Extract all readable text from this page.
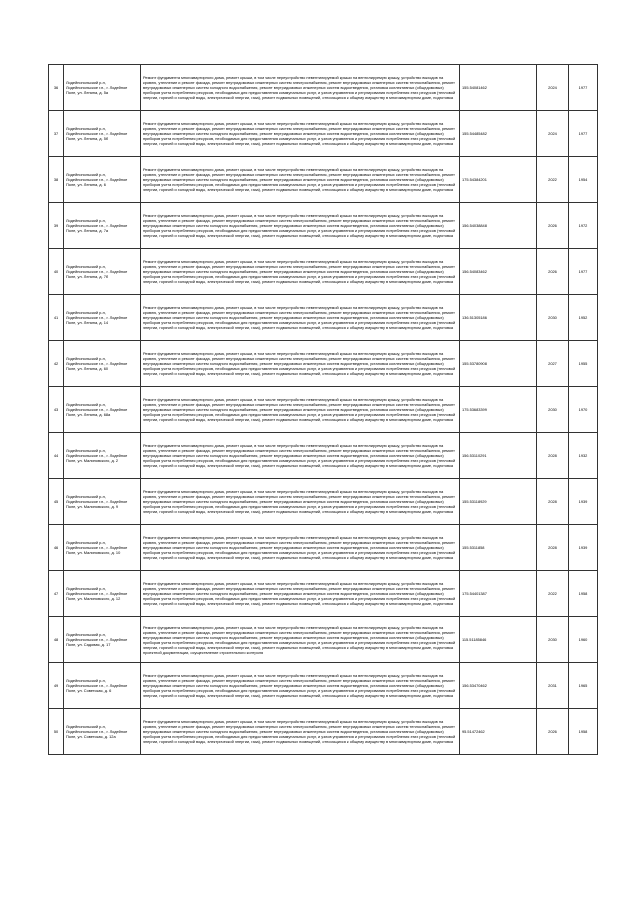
36	Лодейнопольский р-н, Лодейнопольское г.п., г. Лодейное Поле, ул. Ленина, д. 5а	Ремонт фундамента многоквартирного дома, ремонт крыши, в том числе переустройство невентилируемой крыши на вентилируемую крышу, устройство выходов на кровлю, утепление и ремонт фасада, ремонт внутридомовых инженерных систем электроснабжения, ремонт внутридомовых инженерных систем теплоснабжения, ремонт внутридомовых инженерных систем холодного водоснабжения, ремонт внутридомовых инженерных систем водоотведения, установка коллективных (общедомовых) приборов учета потребления ресурсов, необходимых для предоставления коммунальных услуг, и узлов управления и регулирования потребления этих ресурсов (тепловой энергии, горячей и холодной воды, электрической энергии, газа), ремонт подвальных помещений, относящихся к общему имуществу в многоквартирном доме, подготовка	155.54081462	2024	1977
37	Лодейнопольский р-н, Лодейнопольское г.п., г. Лодейное Поле, ул. Ленина, д. 5б	Ремонт фундамента многоквартирного дома, ремонт крыши, в том числе переустройство невентилируемой крыши на вентилируемую крышу, устройство выходов на кровлю, утепление и ремонт фасада, ремонт внутридомовых инженерных систем электроснабжения, ремонт внутридомовых инженерных систем теплоснабжения, ремонт внутридомовых инженерных систем холодного водоснабжения, ремонт внутридомовых инженерных систем водоотведения, установка коллективных (общедомовых) приборов учета потребления ресурсов, необходимых для предоставления коммунальных услуг, и узлов управления и регулирования потребления этих ресурсов (тепловой энергии, горячей и холодной воды, электрической энергии, газа), ремонт подвальных помещений, относящихся к общему имуществу в многоквартирном доме, подготовка	155.54485482	2024	1977
38	Лодейнопольский р-н, Лодейнопольское г.п., г. Лодейное Поле, ул. Ленина, д. 6	Ремонт фундамента многоквартирного дома, ремонт крыши, в том числе переустройство невентилируемой крыши на вентилируемую крышу, устройство выходов на кровлю, утепление и ремонт фасада, ремонт внутридомовых инженерных систем электроснабжения, ремонт внутридомовых инженерных систем теплоснабжения, ремонт внутридомовых инженерных систем холодного водоснабжения, ремонт внутридомовых инженерных систем водоотведения, установка коллективных (общедомовых) приборов учета потребления ресурсов, необходимых для предоставления коммунальных услуг, и узлов управления и регулирования потребления этих ресурсов (тепловой энергии, горячей и холодной воды, электрической энергии, газа), ремонт подвальных помещений, относящихся к общему имуществу в многоквартирном доме, подготовка	175.54384201	2022	1954
39	Лодейнопольский р-н, Лодейнопольское г.п., г. Лодейное Поле, ул. Ленина, д. 7а	Ремонт фундамента многоквартирного дома, ремонт крыши, в том числе переустройство невентилируемой крыши на вентилируемую крышу, устройство выходов на кровлю, утепление и ремонт фасада, ремонт внутридомовых инженерных систем электроснабжения, ремонт внутридомовых инженерных систем теплоснабжения, ремонт внутридомовых инженерных систем холодного водоснабжения, ремонт внутридомовых инженерных систем водоотведения, установка коллективных (общедомовых) приборов учета потребления ресурсов, необходимых для предоставления коммунальных услуг, и узлов управления и регулирования потребления этих ресурсов (тепловой энергии, горячей и холодной воды, электрической энергии, газа), ремонт подвальных помещений, относящихся к общему имуществу в многоквартирном доме, подготовка	156.54038848	2026	1972
40	Лодейнопольский р-н, Лодейнопольское г.п., г. Лодейное Поле, ул. Ленина, д. 7б	Ремонт фундамента многоквартирного дома, ремонт крыши, в том числе переустройство невентилируемой крыши на вентилируемую крышу, устройство выходов на кровлю, утепление и ремонт фасада, ремонт внутридомовых инженерных систем электроснабжения, ремонт внутридомовых инженерных систем теплоснабжения, ремонт внутридомовых инженерных систем холодного водоснабжения, ремонт внутридомовых инженерных систем водоотведения, установка коллективных (общедомовых) приборов учета потребления ресурсов, необходимых для предоставления коммунальных услуг, и узлов управления и регулирования потребления этих ресурсов (тепловой энергии, горячей и холодной воды, электрической энергии, газа), ремонт подвальных помещений, относящихся к общему имуществу в многоквартирном доме, подготовка	156.54083462	2026	1977
41	Лодейнопольский р-н, Лодейнопольское г.п., г. Лодейное Поле, ул. Ленина, д. 14	Ремонт фундамента многоквартирного дома, ремонт крыши, в том числе переустройство невентилируемой крыши на вентилируемую крышу, устройство выходов на кровлю, утепление и ремонт фасада, ремонт внутридомовых инженерных систем электроснабжения, ремонт внутридомовых инженерных систем теплоснабжения, ремонт внутридомовых инженерных систем холодного водоснабжения, ремонт внутридомовых инженерных систем водоотведения, установка коллективных (общедомовых) приборов учета потребления ресурсов, необходимых для предоставления коммунальных услуг, и узлов управления и регулирования потребления этих ресурсов (тепловой энергии, горячей и холодной воды, электрической энергии, газа), ремонт подвальных помещений, относящихся к общему имуществу в многоквартирном доме, подготовка	136.51305186	2030	1952
42	Лодейнопольский р-н, Лодейнопольское г.п., г. Лодейное Поле, ул. Ленина, д. 60	Ремонт фундамента многоквартирного дома, ремонт крыши, в том числе переустройство невентилируемой крыши на вентилируемую крышу, устройство выходов на кровлю, утепление и ремонт фасада, ремонт внутридомовых инженерных систем электроснабжения, ремонт внутридомовых инженерных систем теплоснабжения, ремонт внутридомовых инженерных систем холодного водоснабжения, ремонт внутридомовых инженерных систем водоотведения, установка коллективных (общедомовых) приборов учета потребления ресурсов, необходимых для предоставления коммунальных услуг, и узлов управления и регулирования потребления этих ресурсов (тепловой энергии, горячей и холодной воды, электрической энергии, газа), ремонт подвальных помещений, относящихся к общему имуществу в многоквартирном доме, подготовка	155.53780908	2027	1955
43	Лодейнопольский р-н, Лодейнопольское г.п., г. Лодейное Поле, ул. Ленина, д. 68а	Ремонт фундамента многоквартирного дома, ремонт крыши, в том числе переустройство невентилируемой крыши на вентилируемую крышу, устройство выходов на кровлю, утепление и ремонт фасада, ремонт внутридомовых инженерных систем электроснабжения, ремонт внутридомовых инженерных систем теплоснабжения, ремонт внутридомовых инженерных систем холодного водоснабжения, ремонт внутридомовых инженерных систем водоотведения, установка коллективных (общедомовых) приборов учета потребления ресурсов, необходимых для предоставления коммунальных услуг, и узлов управления и регулирования потребления этих ресурсов (тепловой энергии, горячей и холодной воды, электрической энергии, газа), ремонт подвальных помещений, относящихся к общему имуществу в многоквартирном доме, подготовка	175.53683399	2030	1970
44	Лодейнопольский р-н, Лодейнопольское г.п., г. Лодейное Поле, ул. Малиновского, д. 2	Ремонт фундамента многоквартирного дома, ремонт крыши, в том числе переустройство невентилируемой крыши на вентилируемую крышу, устройство выходов на кровлю, утепление и ремонт фасада, ремонт внутридомовых инженерных систем электроснабжения, ремонт внутридомовых инженерных систем теплоснабжения, ремонт внутридомовых инженерных систем холодного водоснабжения, ремонт внутридомовых инженерных систем водоотведения, установка коллективных (общедомовых) приборов учета потребления ресурсов, необходимых для предоставления коммунальных услуг, и узлов управления и регулирования потребления этих ресурсов (тепловой энергии, горячей и холодной воды, электрической энергии, газа), ремонт подвальных помещений, относящихся к общему имуществу в многоквартирном доме, подготовка	156.53110291	2028	1932
45	Лодейнопольский р-н, Лодейнопольское г.п., г. Лодейное Поле, ул. Малиновского, д. 9	Ремонт фундамента многоквартирного дома, ремонт крыши, в том числе переустройство невентилируемой крыши на вентилируемую крышу, устройство выходов на кровлю, утепление и ремонт фасада, ремонт внутридомовых инженерных систем электроснабжения, ремонт внутридомовых инженерных систем теплоснабжения, ремонт внутридомовых инженерных систем холодного водоснабжения, ремонт внутридомовых инженерных систем водоотведения, установка коллективных (общедомовых) приборов учета потребления ресурсов, необходимых для предоставления коммунальных услуг, и узлов управления и регулирования потребления этих ресурсов (тепловой энергии, горячей и холодной воды, электрической энергии, газа), ремонт подвальных помещений, относящихся к общему имуществу в многоквартирном доме, подготовка	155.53118929	2028	1939
46	Лодейнопольский р-н, Лодейнопольское г.п., г. Лодейное Поле, ул. Малиновского, д. 10	Ремонт фундамента многоквартирного дома, ремонт крыши, в том числе переустройство невентилируемой крыши на вентилируемую крышу, устройство выходов на кровлю, утепление и ремонт фасада, ремонт внутридомовых инженерных систем электроснабжения, ремонт внутридомовых инженерных систем теплоснабжения, ремонт внутридомовых инженерных систем холодного водоснабжения, ремонт внутридомовых инженерных систем водоотведения, установка коллективных (общедомовых) приборов учета потребления ресурсов, необходимых для предоставления коммунальных услуг, и узлов управления и регулирования потребления этих ресурсов (тепловой энергии, горячей и холодной воды, электрической энергии, газа), ремонт подвальных помещений, относящихся к общему имуществу в многоквартирном доме, подготовка	155.5311858	2028	1939
47	Лодейнопольский р-н, Лодейнопольское г.п., г. Лодейное Поле, ул. Малиновского, д. 12	Ремонт фундамента многоквартирного дома, ремонт крыши, в том числе переустройство невентилируемой крыши на вентилируемую крышу, устройство выходов на кровлю, утепление и ремонт фасада, ремонт внутридомовых инженерных систем электроснабжения, ремонт внутридомовых инженерных систем теплоснабжения, ремонт внутридомовых инженерных систем холодного водоснабжения, ремонт внутридомовых инженерных систем водоотведения, установка коллективных (общедомовых) приборов учета потребления ресурсов, необходимых для предоставления коммунальных услуг, и узлов управления и регулирования потребления этих ресурсов (тепловой энергии, горячей и холодной воды, электрической энергии, газа), ремонт подвальных помещений, относящихся к общему имуществу в многоквартирном доме, подготовка	175.54401387	2022	1958
48	Лодейнопольский р-н, Лодейнопольское г.п., г. Лодейное Поле, ул. Садовая, д. 17	Ремонт фундамента многоквартирного дома, ремонт крыши, в том числе переустройство невентилируемой крыши на вентилируемую крышу, устройство выходов на кровлю, утепление и ремонт фасада, ремонт внутридомовых инженерных систем электроснабжения, ремонт внутридомовых инженерных систем теплоснабжения, ремонт внутридомовых инженерных систем холодного водоснабжения, ремонт внутридомовых инженерных систем водоотведения, установка коллективных (общедомовых) приборов учета потребления ресурсов, необходимых для предоставления коммунальных услуг, и узлов управления и регулирования потребления этих ресурсов (тепловой энергии, горячей и холодной воды, электрической энергии, газа), ремонт подвальных помещений, относящихся к общему имуществу в многоквартирном доме, подготовка проектной документации, осуществление строительного контроля	115.51185846	2030	1960
49	Лодейнопольский р-н, Лодейнопольское г.п., г. Лодейное Поле, ул. Советская, д. 6	Ремонт фундамента многоквартирного дома, ремонт крыши, в том числе переустройство невентилируемой крыши на вентилируемую крышу, устройство выходов на кровлю, утепление и ремонт фасада, ремонт внутридомовых инженерных систем электроснабжения, ремонт внутридомовых инженерных систем теплоснабжения, ремонт внутридомовых инженерных систем холодного водоснабжения, ремонт внутридомовых инженерных систем водоотведения, установка коллективных (общедомовых) приборов учета потребления ресурсов, необходимых для предоставления коммунальных услуг, и узлов управления и регулирования потребления этих ресурсов (тепловой энергии, горячей и холодной воды, электрической энергии, газа), ремонт подвальных помещений, относящихся к общему имуществу в многоквартирном доме, подготовка	156.53470462	2031	1965
50	Лодейнопольский р-н, Лодейнопольское г.п., г. Лодейное Поле, ул. Советская, д. 12а	Ремонт фундамента многоквартирного дома, ремонт крыши, в том числе переустройство невентилируемой крыши на вентилируемую крышу, устройство выходов на кровлю, утепление и ремонт фасада, ремонт внутридомовых инженерных систем электроснабжения, ремонт внутридомовых инженерных систем теплоснабжения, ремонт внутридомовых инженерных систем холодного водоснабжения, ремонт внутридомовых инженерных систем водоотведения, установка коллективных (общедомовых) приборов учета потребления ресурсов, необходимых для предоставления коммунальных услуг, и узлов управления и регулирования потребления этих ресурсов (тепловой энергии, горячей и холодной воды, электрической энергии, газа), ремонт подвальных помещений, относящихся к общему имуществу в многоквартирном доме, подготовка	95.51472462	2026	1958
